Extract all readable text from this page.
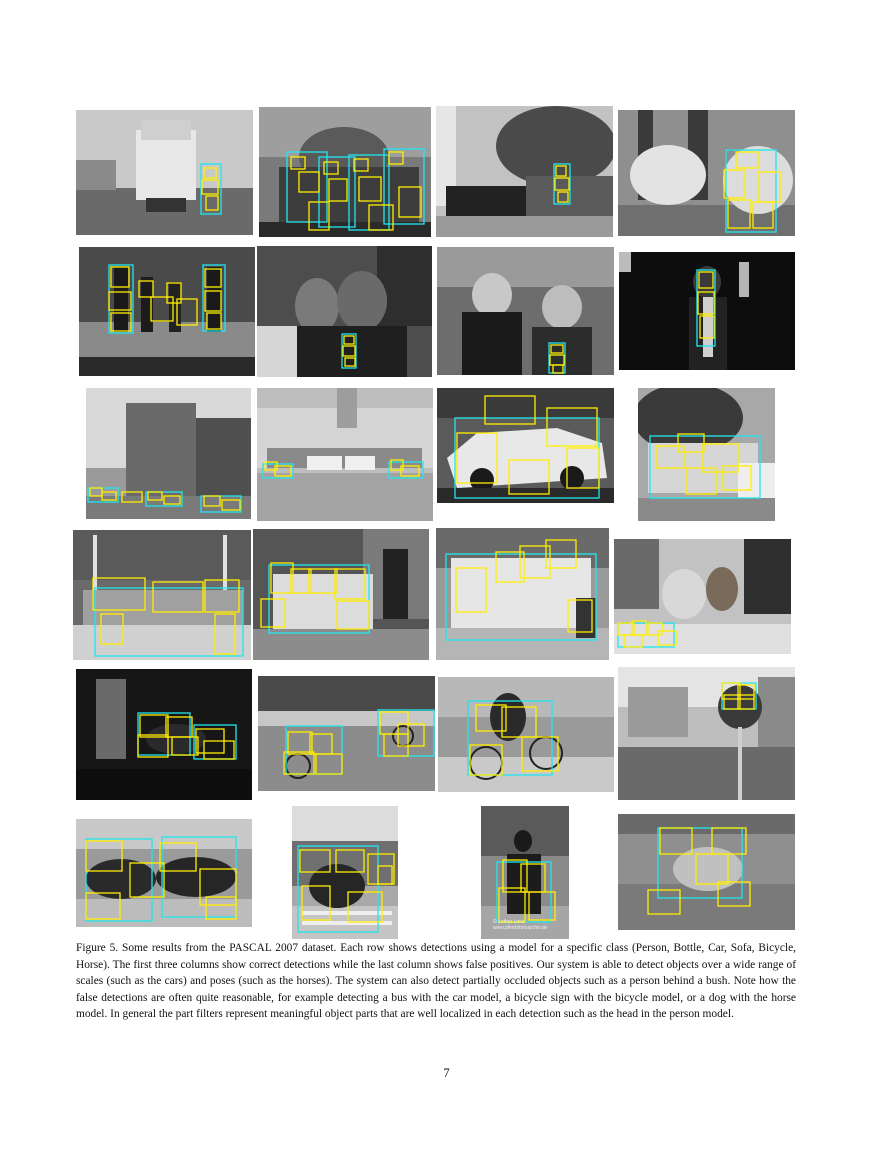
© Lothar Lenz
www.pferdefotoarchiv.de

Figure 5. Some results from the PASCAL 2007 dataset. Each row shows detections using a model for a specific class (Person, Bottle, Car, Sofa, Bicycle, Horse). The first three columns show correct detections while the last column shows false positives. Our system is able to detect objects over a wide range of scales (such as the cars) and poses (such as the horses). The system can also detect partially occluded objects such as a person behind a bush. Note how the false detections are often quite reasonable, for example detecting a bus with the car model, a bicycle sign with the bicycle model, or a dog with the horse model. In general the part filters represent meaningful object parts that are well localized in each detection such as the head in the person model.

7
